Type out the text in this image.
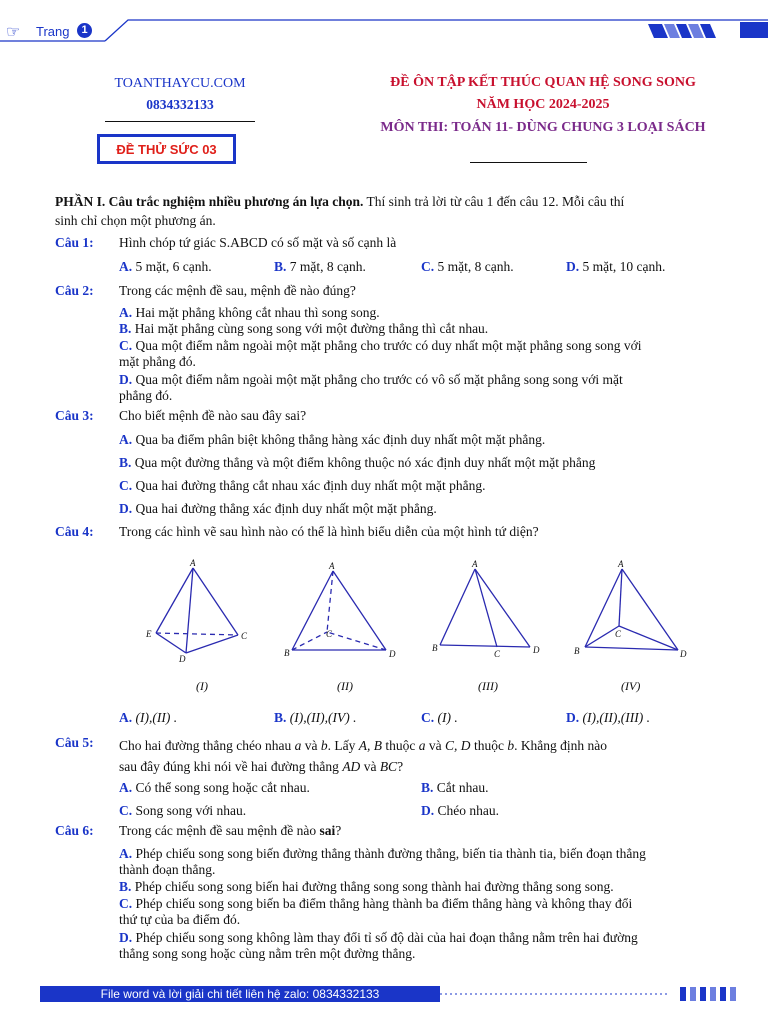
☞ Trang	1
TOANTHAYCU.COM
0834332133
ĐỀ THỬ SỨC 03
ĐỀ ÔN TẬP KẾT THÚC QUAN HỆ SONG SONG
NĂM HỌC 2024-2025
MÔN THI: TOÁN 11- DÙNG CHUNG 3 LOẠI SÁCH
PHẦN I. Câu trắc nghiệm nhiều phương án lựa chọn. Thí sinh trả lời từ câu 1 đến câu 12. Mỗi câu thí
sinh chỉ chọn một phương án.
Câu 1: Hình chóp tứ giác S.ABCD có số mặt và số cạnh là
A. 5 mặt, 6 cạnh.	B. 7 mặt, 8 cạnh.	C. 5 mặt, 8 cạnh.	D. 5 mặt, 10 cạnh.
Câu 2: Trong các mệnh đề sau, mệnh đề nào đúng?
A. Hai mặt phẳng không cắt nhau thì song song.
B. Hai mặt phẳng cùng song song với một đường thẳng thì cắt nhau.
C. Qua một điểm nằm ngoài một mặt phẳng cho trước có duy nhất một mặt phẳng song song với
mặt phẳng đó.
D. Qua một điểm nằm ngoài một mặt phẳng cho trước có vô số mặt phẳng song song với mặt
phẳng đó.
Câu 3: Cho biết mệnh đề nào sau đây sai?
A. Qua ba điểm phân biệt không thẳng hàng xác định duy nhất một mặt phẳng.
B. Qua một đường thẳng và một điểm không thuộc nó xác định duy nhất một mặt phẳng
C. Qua hai đường thẳng cắt nhau xác định duy nhất một mặt phẳng.
D. Qua hai đường thẳng xác định duy nhất một mặt phẳng.
Câu 4: Trong các hình vẽ sau hình nào có thể là hình biểu diễn của một hình tứ diện?
A
E	C
D
A
C
B	D
A
B
C	D
A
C
B	D
(I)	(II)	(III)	(IV)
A. (I),(II) .	B. (I),(II),(IV) .	C. (I) .	D. (I),(II),(III) .
Câu 5: Cho hai đường thẳng chéo nhau a và b. Lấy A, B thuộc a và C, D thuộc b. Khẳng định nào
sau đây đúng khi nói về hai đường thẳng AD và BC?
A. Có thể song song hoặc cắt nhau.	B. Cắt nhau.
C. Song song với nhau.	D. Chéo nhau.
Câu 6: Trong các mệnh đề sau mệnh đề nào sai?
A. Phép chiếu song song biến đường thẳng thành đường thẳng, biến tia thành tia, biến đoạn thẳng
thành đoạn thẳng.
B. Phép chiếu song song biến hai đường thẳng song song thành hai đường thẳng song song.
C. Phép chiếu song song biến ba điểm thẳng hàng thành ba điểm thẳng hàng và không thay đổi
thứ tự của ba điểm đó.
D. Phép chiếu song song không làm thay đổi tỉ số độ dài của hai đoạn thẳng nằm trên hai đường
thẳng song song hoặc cùng nằm trên một đường thẳng.
File word và lời giải chi tiết liên hệ zalo: 0834332133
